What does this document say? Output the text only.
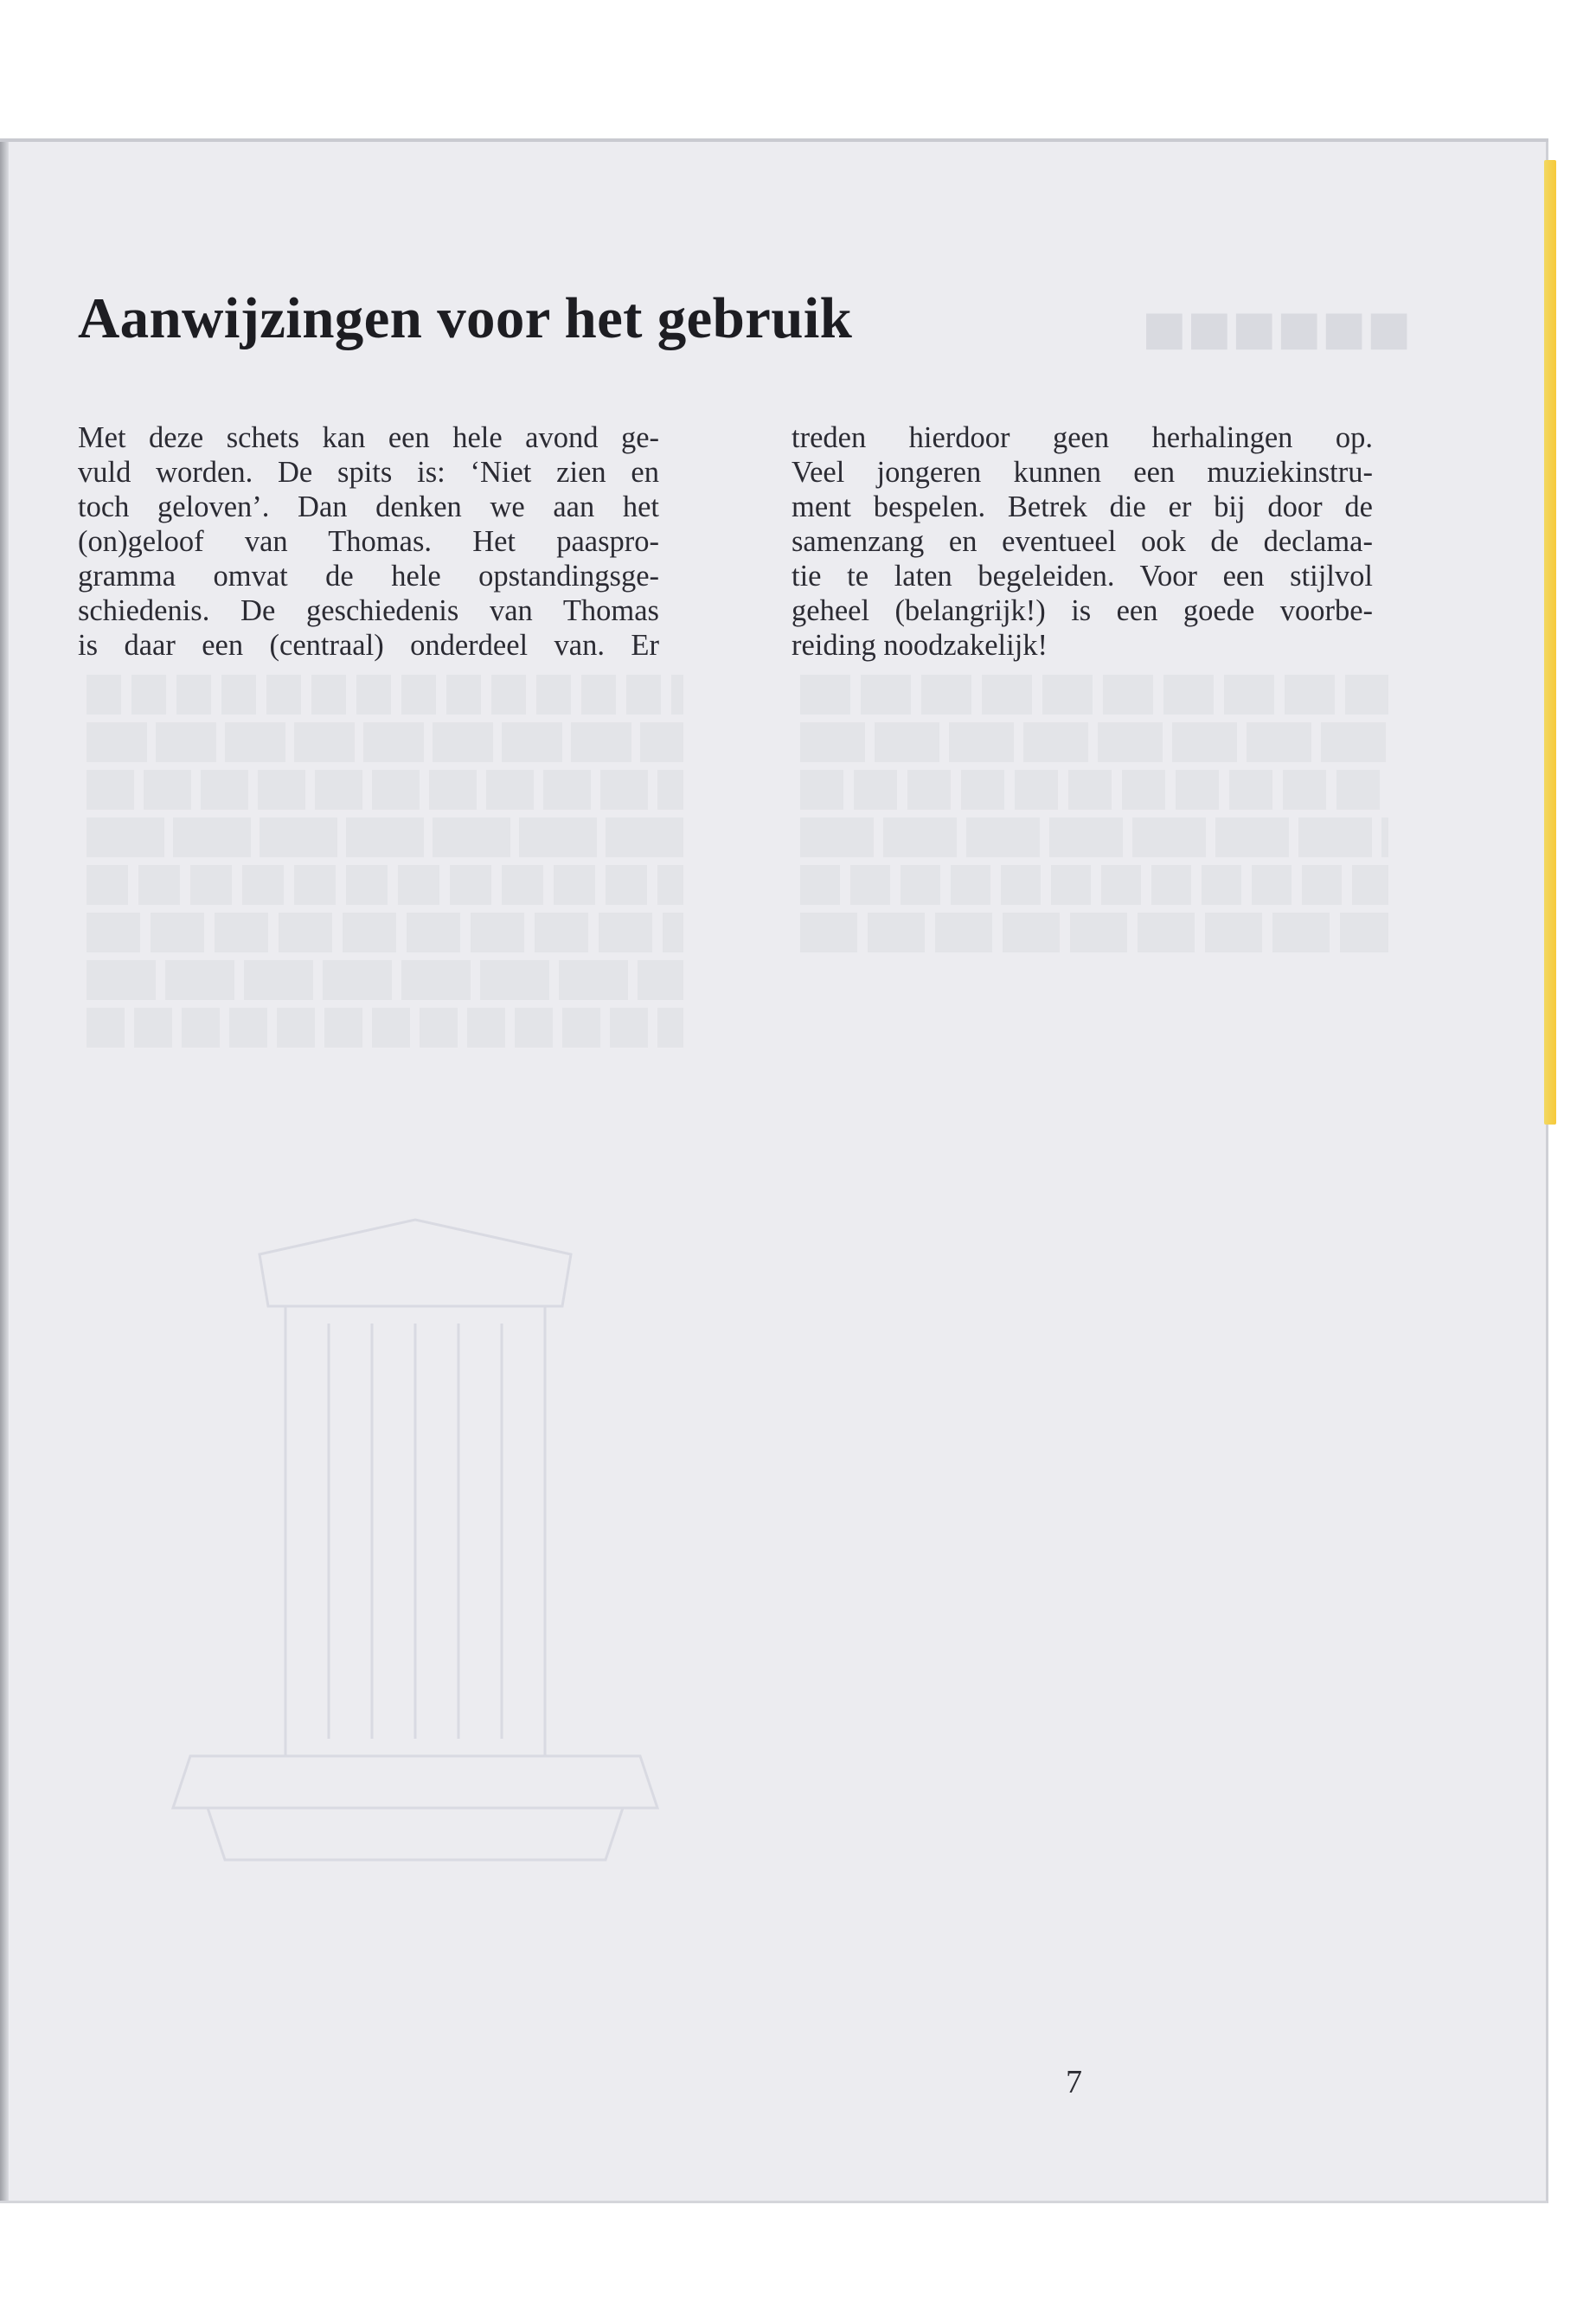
■■■■■■
Aanwijzingen voor het gebruik
Met deze schets kan een hele avond ge-
vuld worden. De spits is: ‘Niet zien en
toch geloven’. Dan denken we aan het
(on)geloof van Thomas. Het paaspro-
gramma omvat de hele opstandingsge-
schiedenis. De geschiedenis van Thomas
is daar een (centraal) onderdeel van. Er
treden hierdoor geen herhalingen op.
Veel jongeren kunnen een muziekinstru-
ment bespelen. Betrek die er bij door de
samenzang en eventueel ook de declama-
tie te laten begeleiden. Voor een stijlvol
geheel (belangrijk!) is een goede voorbe-
reiding noodzakelijk!
7
